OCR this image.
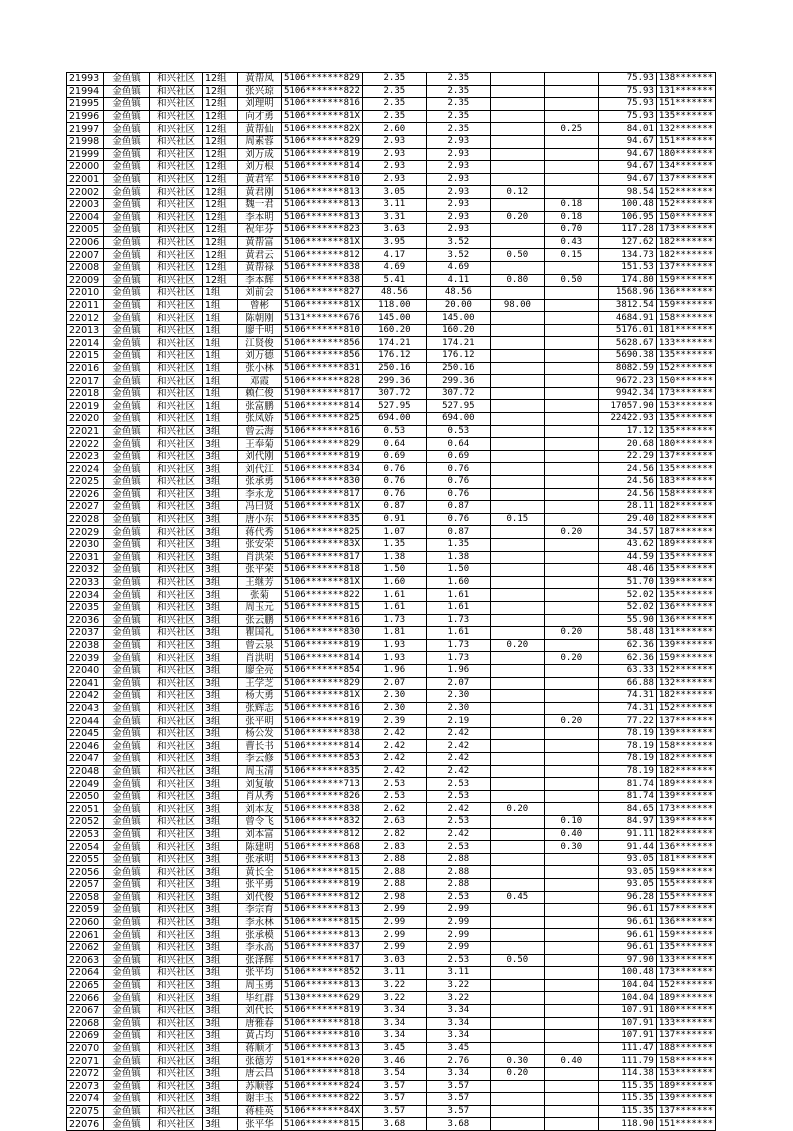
21993	金鱼镇	和兴社区	12组	黄帮凤	5106*******829	2.35	2.35			75.93	138*******
21994	金鱼镇	和兴社区	12组	张兴琼	5106*******822	2.35	2.35			75.93	131*******
21995	金鱼镇	和兴社区	12组	刘理明	5106*******816	2.35	2.35			75.93	151*******
21996	金鱼镇	和兴社区	12组	向才勇	5106*******81X	2.35	2.35			75.93	135*******
21997	金鱼镇	和兴社区	12组	黄帮仙	5106*******82X	2.60	2.35		0.25	84.01	132*******
21998	金鱼镇	和兴社区	12组	周素蓉	5106*******829	2.93	2.93			94.67	151*******
21999	金鱼镇	和兴社区	12组	刘万成	5106*******819	2.93	2.93			94.67	180*******
22000	金鱼镇	和兴社区	12组	刘万根	5106*******814	2.93	2.93			94.67	134*******
22001	金鱼镇	和兴社区	12组	黄君军	5106*******810	2.93	2.93			94.67	137*******
22002	金鱼镇	和兴社区	12组	黄君刚	5106*******813	3.05	2.93	0.12		98.54	152*******
22003	金鱼镇	和兴社区	12组	魏一君	5106*******813	3.11	2.93		0.18	100.48	152*******
22004	金鱼镇	和兴社区	12组	李本明	5106*******813	3.31	2.93	0.20	0.18	106.95	150*******
22005	金鱼镇	和兴社区	12组	祝年芬	5106*******823	3.63	2.93		0.70	117.28	173*******
22006	金鱼镇	和兴社区	12组	黄帮富	5106*******81X	3.95	3.52		0.43	127.62	182*******
22007	金鱼镇	和兴社区	12组	黄君云	5106*******812	4.17	3.52	0.50	0.15	134.73	182*******
22008	金鱼镇	和兴社区	12组	黄帮禄	5106*******838	4.69	4.69			151.53	137*******
22009	金鱼镇	和兴社区	12组	李本辉	5106*******838	5.41	4.11	0.80	0.50	174.80	159*******
22010	金鱼镇	和兴社区	1组	刘前会	5106*******827	48.56	48.56			1568.96	136*******
22011	金鱼镇	和兴社区	1组	曾彬	5106*******81X	118.00	20.00	98.00		3812.54	159*******
22012	金鱼镇	和兴社区	1组	陈朝刚	5131*******676	145.00	145.00			4684.91	158*******
22013	金鱼镇	和兴社区	1组	廖千明	5106*******810	160.20	160.20			5176.01	181*******
22014	金鱼镇	和兴社区	1组	江贤俊	5106*******856	174.21	174.21			5628.67	133*******
22015	金鱼镇	和兴社区	1组	刘万德	5106*******856	176.12	176.12			5690.38	135*******
22016	金鱼镇	和兴社区	1组	张小林	5106*******831	250.16	250.16			8082.59	152*******
22017	金鱼镇	和兴社区	1组	邓霞	5106*******828	299.36	299.36			9672.23	150*******
22018	金鱼镇	和兴社区	1组	赖仁俊	5190*******817	307.72	307.72			9942.34	173*******
22019	金鱼镇	和兴社区	1组	张富鹏	5106*******814	527.95	527.95			17057.90	153*******
22020	金鱼镇	和兴社区	1组	张凤娇	5106*******825	694.00	694.00			22422.93	135*******
22021	金鱼镇	和兴社区	3组	曾云海	5106*******816	0.53	0.53			17.12	135*******
22022	金鱼镇	和兴社区	3组	王奉菊	5106*******829	0.64	0.64			20.68	180*******
22023	金鱼镇	和兴社区	3组	刘代刚	5106*******819	0.69	0.69			22.29	137*******
22024	金鱼镇	和兴社区	3组	刘代江	5106*******834	0.76	0.76			24.56	135*******
22025	金鱼镇	和兴社区	3组	张承勇	5106*******830	0.76	0.76			24.56	183*******
22026	金鱼镇	和兴社区	3组	李永龙	5106*******817	0.76	0.76			24.56	158*******
22027	金鱼镇	和兴社区	3组	冯曰贤	5106*******81X	0.87	0.87			28.11	182*******
22028	金鱼镇	和兴社区	3组	唐小东	5106*******835	0.91	0.76	0.15		29.40	182*******
22029	金鱼镇	和兴社区	3组	蒋代秀	5106*******825	1.07	0.87		0.20	34.57	187*******
22030	金鱼镇	和兴社区	3组	张安荣	5106*******83X	1.35	1.35			43.62	189*******
22031	金鱼镇	和兴社区	3组	肖洪荣	5106*******817	1.38	1.38			44.59	135*******
22032	金鱼镇	和兴社区	3组	张平荣	5106*******818	1.50	1.50			48.46	135*******
22033	金鱼镇	和兴社区	3组	王继芳	5106*******81X	1.60	1.60			51.70	139*******
22034	金鱼镇	和兴社区	3组	张菊	5106*******822	1.61	1.61			52.02	135*******
22035	金鱼镇	和兴社区	3组	周玉元	5106*******815	1.61	1.61			52.02	136*******
22036	金鱼镇	和兴社区	3组	张云鹏	5106*******816	1.73	1.73			55.90	136*******
22037	金鱼镇	和兴社区	3组	瞿国礼	5106*******830	1.81	1.61		0.20	58.48	131*******
22038	金鱼镇	和兴社区	3组	曾云泉	5106*******819	1.93	1.73	0.20		62.36	139*******
22039	金鱼镇	和兴社区	3组	肖洪明	5106*******814	1.93	1.73		0.20	62.36	159*******
22040	金鱼镇	和兴社区	3组	廖全亮	5106*******854	1.96	1.96			63.33	152*******
22041	金鱼镇	和兴社区	3组	王学芝	5106*******829	2.07	2.07			66.88	132*******
22042	金鱼镇	和兴社区	3组	杨大勇	5106*******81X	2.30	2.30			74.31	182*******
22043	金鱼镇	和兴社区	3组	张辉志	5106*******816	2.30	2.30			74.31	152*******
22044	金鱼镇	和兴社区	3组	张平明	5106*******819	2.39	2.19		0.20	77.22	137*******
22045	金鱼镇	和兴社区	3组	杨公发	5106*******838	2.42	2.42			78.19	139*******
22046	金鱼镇	和兴社区	3组	曹长书	5106*******814	2.42	2.42			78.19	158*******
22047	金鱼镇	和兴社区	3组	李云修	5106*******853	2.42	2.42			78.19	182*******
22048	金鱼镇	和兴社区	3组	周玉清	5106*******835	2.42	2.42			78.19	182*******
22049	金鱼镇	和兴社区	3组	刘复敏	5106*******713	2.53	2.53			81.74	189*******
22050	金鱼镇	和兴社区	3组	肖从秀	5106*******826	2.53	2.53			81.74	139*******
22051	金鱼镇	和兴社区	3组	刘本友	5106*******838	2.62	2.42	0.20		84.65	173*******
22052	金鱼镇	和兴社区	3组	曾令飞	5106*******832	2.63	2.53		0.10	84.97	139*******
22053	金鱼镇	和兴社区	3组	刘本富	5106*******812	2.82	2.42		0.40	91.11	182*******
22054	金鱼镇	和兴社区	3组	陈建明	5106*******868	2.83	2.53		0.30	91.44	136*******
22055	金鱼镇	和兴社区	3组	张承明	5106*******813	2.88	2.88			93.05	181*******
22056	金鱼镇	和兴社区	3组	黄长全	5106*******815	2.88	2.88			93.05	159*******
22057	金鱼镇	和兴社区	3组	张平勇	5106*******819	2.88	2.88			93.05	155*******
22058	金鱼镇	和兴社区	3组	刘代俊	5106*******812	2.98	2.53	0.45		96.28	155*******
22059	金鱼镇	和兴社区	3组	李宗育	5106*******813	2.99	2.99			96.61	157*******
22060	金鱼镇	和兴社区	3组	李永林	5106*******815	2.99	2.99			96.61	136*******
22061	金鱼镇	和兴社区	3组	张承模	5106*******813	2.99	2.99			96.61	159*******
22062	金鱼镇	和兴社区	3组	李永高	5106*******837	2.99	2.99			96.61	135*******
22063	金鱼镇	和兴社区	3组	张泽辉	5106*******817	3.03	2.53	0.50		97.90	133*******
22064	金鱼镇	和兴社区	3组	张平均	5106*******852	3.11	3.11			100.48	173*******
22065	金鱼镇	和兴社区	3组	周玉勇	5106*******813	3.22	3.22			104.04	152*******
22066	金鱼镇	和兴社区	3组	毕红群	5130*******629	3.22	3.22			104.04	189*******
22067	金鱼镇	和兴社区	3组	刘代长	5106*******819	3.34	3.34			107.91	180*******
22068	金鱼镇	和兴社区	3组	唐雅春	5106*******818	3.34	3.34			107.91	133*******
22069	金鱼镇	和兴社区	3组	黄占均	5106*******810	3.34	3.34			107.91	137*******
22070	金鱼镇	和兴社区	3组	蒋顺才	5106*******813	3.45	3.45			111.47	188*******
22071	金鱼镇	和兴社区	3组	张德芳	5101*******020	3.46	2.76	0.30	0.40	111.79	158*******
22072	金鱼镇	和兴社区	3组	唐云昌	5106*******818	3.54	3.34	0.20		114.38	153*******
22073	金鱼镇	和兴社区	3组	苏顺蓉	5106*******824	3.57	3.57			115.35	189*******
22074	金鱼镇	和兴社区	3组	谢丰玉	5106*******822	3.57	3.57			115.35	139*******
22075	金鱼镇	和兴社区	3组	蒋桂英	5106*******84X	3.57	3.57			115.35	137*******
22076	金鱼镇	和兴社区	3组	张平华	5106*******815	3.68	3.68			118.90	151*******
